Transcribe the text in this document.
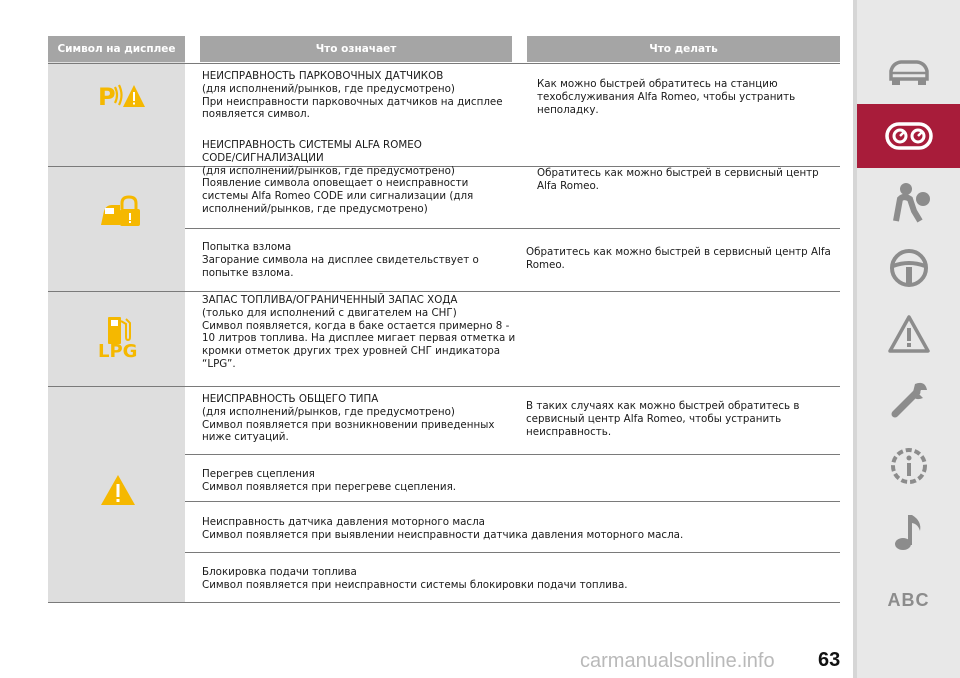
Символ на дисплее	Что означает	Что делать
НЕИСПРАВНОСТЬ ПАРКОВОЧНЫХ ДАТЧИКОВ
(для исполнений/рынков, где предусмотрено)
При неисправности парковочных датчиков на дисплее
появляется символ.
Как можно быстрей обратитесь на станцию
техобслуживания Alfa Romeo, чтобы устранить
неполадку.
НЕИСПРАВНОСТЬ СИСТЕМЫ ALFA ROMEO
CODE/СИГНАЛИЗАЦИИ
(для исполнений/рынков, где предусмотрено)
Появление символа оповещает о неисправности
системы Alfa Romeo CODE или сигнализации (для
исполнений/рынков, где предусмотрено)
Обратитесь как можно быстрей в сервисный центр
Alfa Romeo.
Попытка взлома
Загорание символа на дисплее свидетельствует о
попытке взлома.
Обратитесь как можно быстрей в сервисный центр Alfa
Romeo.
ЗАПАС ТОПЛИВА/ОГРАНИЧЕННЫЙ ЗАПАС ХОДА
(только для исполнений с двигателем на СНГ)
Символ появляется, когда в баке остается примерно 8 -
10 литров топлива. На дисплее мигает первая отметка и
кромки отметок других трех уровней СНГ индикатора
“LPG”.
НЕИСПРАВНОСТЬ ОБЩЕГО ТИПА
(для исполнений/рынков, где предусмотрено)
Символ появляется при возникновении приведенных
ниже ситуаций.
В таких случаях как можно быстрей обратитесь в
сервисный центр Alfa Romeo, чтобы устранить
неисправность.
Перегрев сцепления
Символ появляется при перегреве сцепления.
Неисправность датчика давления моторного масла
Символ появляется при выявлении неисправности датчика давления моторного масла.
Блокировка подачи топлива
Символ появляется при неисправности системы блокировки подачи топлива.
P
LPG
ABC
carmanualsonline.info 63
